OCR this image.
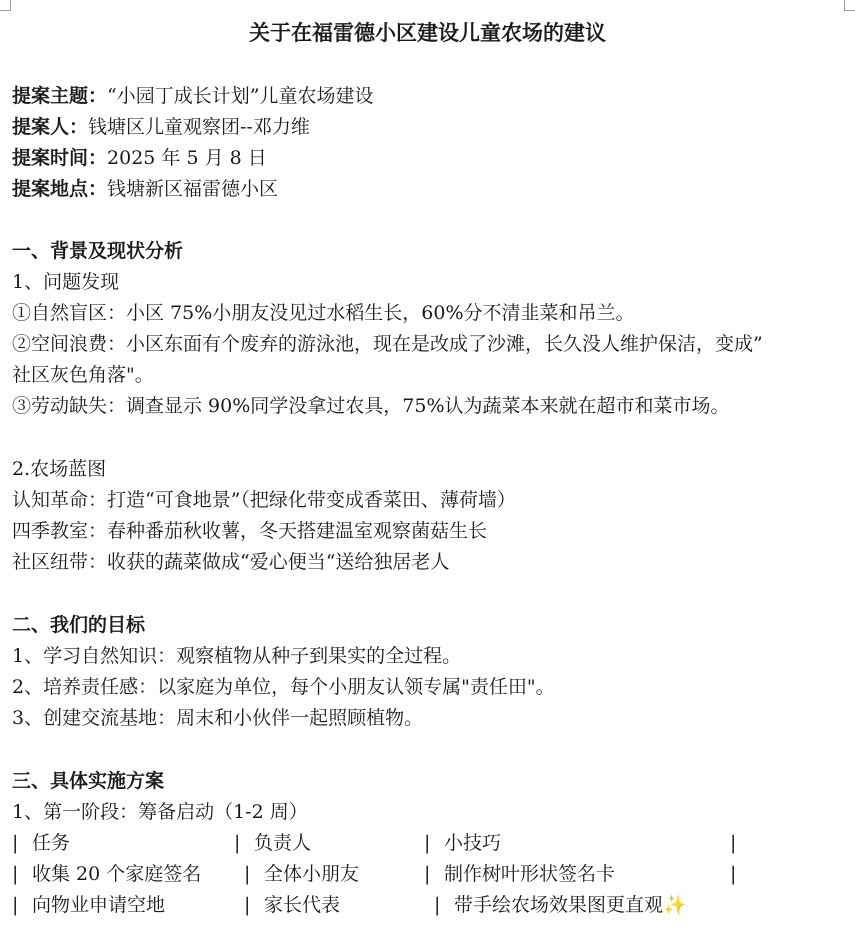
关于在福雷德小区建设儿童农场的建议
提案主题：“小园丁成长计划”儿童农场建设
提案人：钱塘区儿童观察团--邓力维
提案时间：2025 年 5 月 8 日
提案地点：钱塘新区福雷德小区
一、背景及现状分析
1、问题发现
①自然盲区：小区 75%小朋友没见过水稻生长，60%分不清韭菜和吊兰。
②空间浪费：小区东面有个废弃的游泳池，现在是改成了沙滩，长久没人维护保洁，变成”
社区灰色角落"。
③劳动缺失：调查显示 90%同学没拿过农具，75%认为蔬菜本来就在超市和菜市场。
2.农场蓝图
认知革命：打造“可食地景”（把绿化带变成香菜田、薄荷墙）
四季教室：春种番茄秋收薯，冬天搭建温室观察菌菇生长
社区纽带：收获的蔬菜做成“爱心便当“送给独居老人
二、我们的目标
1、学习自然知识：观察植物从种子到果实的全过程。
2、培养责任感：以家庭为单位，每个小朋友认领专属"责任田"。
3、创建交流基地：周末和小伙伴一起照顾植物。
三、具体实施方案
1、第一阶段：筹备启动（1-2 周）
| 任务	| 负责人	| 小技巧	|
| 收集 20 个家庭签名 | 全体小朋友	| 制作树叶形状签名卡	|
| 向物业申请空地	| 家长代表	| 带手绘农场效果图更直观✨
